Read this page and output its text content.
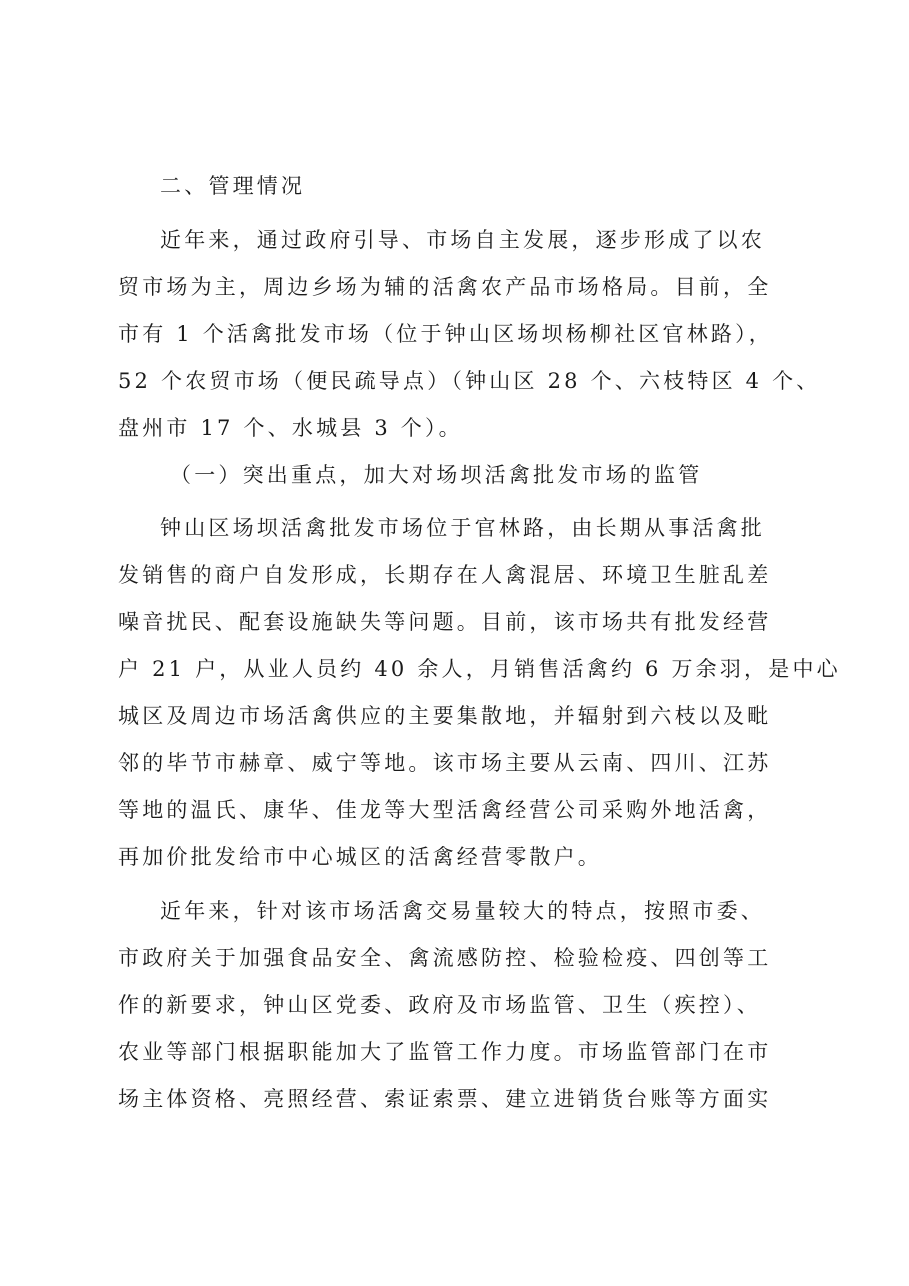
二、管理情况
近年来，通过政府引导、市场自主发展，逐步形成了以农
贸市场为主，周边乡场为辅的活禽农产品市场格局。目前，全
市有 1 个活禽批发市场（位于钟山区场坝杨柳社区官林路），
52 个农贸市场（便民疏导点）（钟山区 28 个、六枝特区 4 个、
盘州市 17 个、水城县 3 个）。
（一）突出重点，加大对场坝活禽批发市场的监管
钟山区场坝活禽批发市场位于官林路，由长期从事活禽批
发销售的商户自发形成，长期存在人禽混居、环境卫生脏乱差
噪音扰民、配套设施缺失等问题。目前，该市场共有批发经营
户 21 户，从业人员约 40 余人，月销售活禽约 6 万余羽，是中心
城区及周边市场活禽供应的主要集散地，并辐射到六枝以及毗
邻的毕节市赫章、威宁等地。该市场主要从云南、四川、江苏
等地的温氏、康华、佳龙等大型活禽经营公司采购外地活禽，
再加价批发给市中心城区的活禽经营零散户。
近年来，针对该市场活禽交易量较大的特点，按照市委、
市政府关于加强食品安全、禽流感防控、检验检疫、四创等工
作的新要求，钟山区党委、政府及市场监管、卫生（疾控）、
农业等部门根据职能加大了监管工作力度。市场监管部门在市
场主体资格、亮照经营、索证索票、建立进销货台账等方面实
